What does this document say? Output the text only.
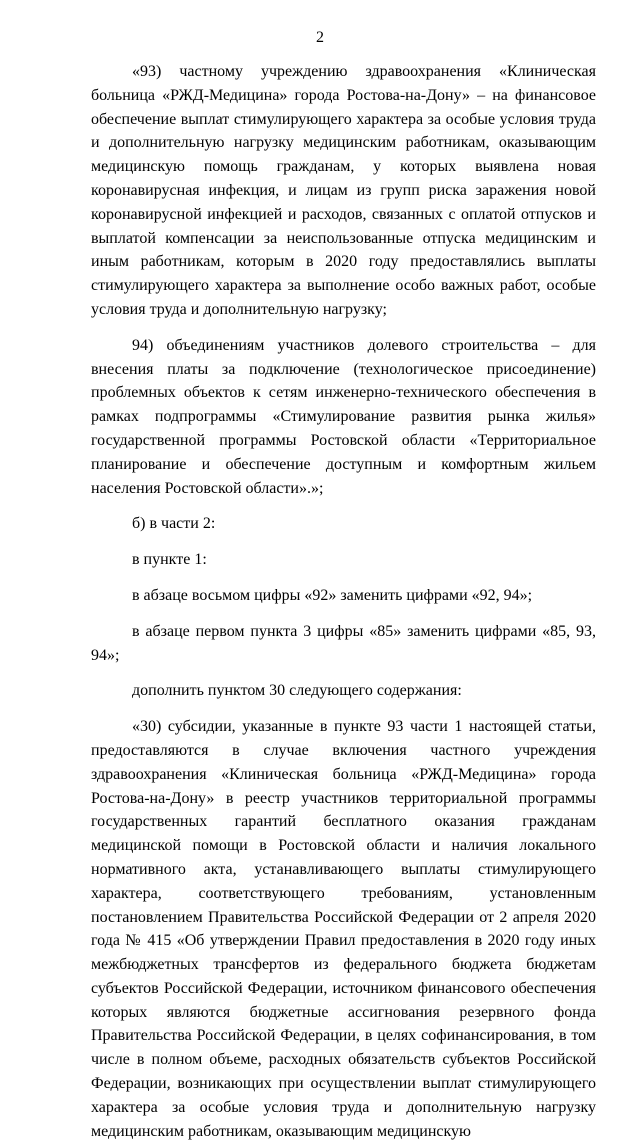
2

«93) частному учреждению здравоохранения «Клиническая больница «РЖД-Медицина» города Ростова-на-Дону» – на финансовое обеспечение выплат стимулирующего характера за особые условия труда и дополнительную нагрузку медицинским работникам, оказывающим медицинскую помощь гражданам, у которых выявлена новая коронавирусная инфекция, и лицам из групп риска заражения новой коронавирусной инфекцией и расходов, связанных с оплатой отпусков и выплатой компенсации за неиспользованные отпуска медицинским и иным работникам, которым в 2020 году предоставлялись выплаты стимулирующего характера за выполнение особо важных работ, особые условия труда и дополнительную нагрузку;

94) объединениям участников долевого строительства – для внесения платы за подключение (технологическое присоединение) проблемных объектов к сетям инженерно-технического обеспечения в рамках подпрограммы «Стимулирование развития рынка жилья» государственной программы Ростовской области «Территориальное планирование и обеспечение доступным и комфортным жильем населения Ростовской области».»;

б) в части 2:

в пункте 1:

в абзаце восьмом цифры «92» заменить цифрами «92, 94»;

в абзаце первом пункта 3 цифры «85» заменить цифрами «85, 93, 94»;

дополнить пунктом 30 следующего содержания:

«30) субсидии, указанные в пункте 93 части 1 настоящей статьи, предоставляются в случае включения частного учреждения здравоохранения «Клиническая больница «РЖД-Медицина» города Ростова-на-Дону» в реестр участников территориальной программы государственных гарантий бесплатного оказания гражданам медицинской помощи в Ростовской области и наличия локального нормативного акта, устанавливающего выплаты стимулирующего характера, соответствующего требованиям, установленным постановлением Правительства Российской Федерации от 2 апреля 2020 года № 415 «Об утверждении Правил предоставления в 2020 году иных межбюджетных трансфертов из федерального бюджета бюджетам субъектов Российской Федерации, источником финансового обеспечения которых являются бюджетные ассигнования резервного фонда Правительства Российской Федерации, в целях софинансирования, в том числе в полном объеме, расходных обязательств субъектов Российской Федерации, возникающих при осуществлении выплат стимулирующего характера за особые условия труда и дополнительную нагрузку медицинским работникам, оказывающим медицинскую
